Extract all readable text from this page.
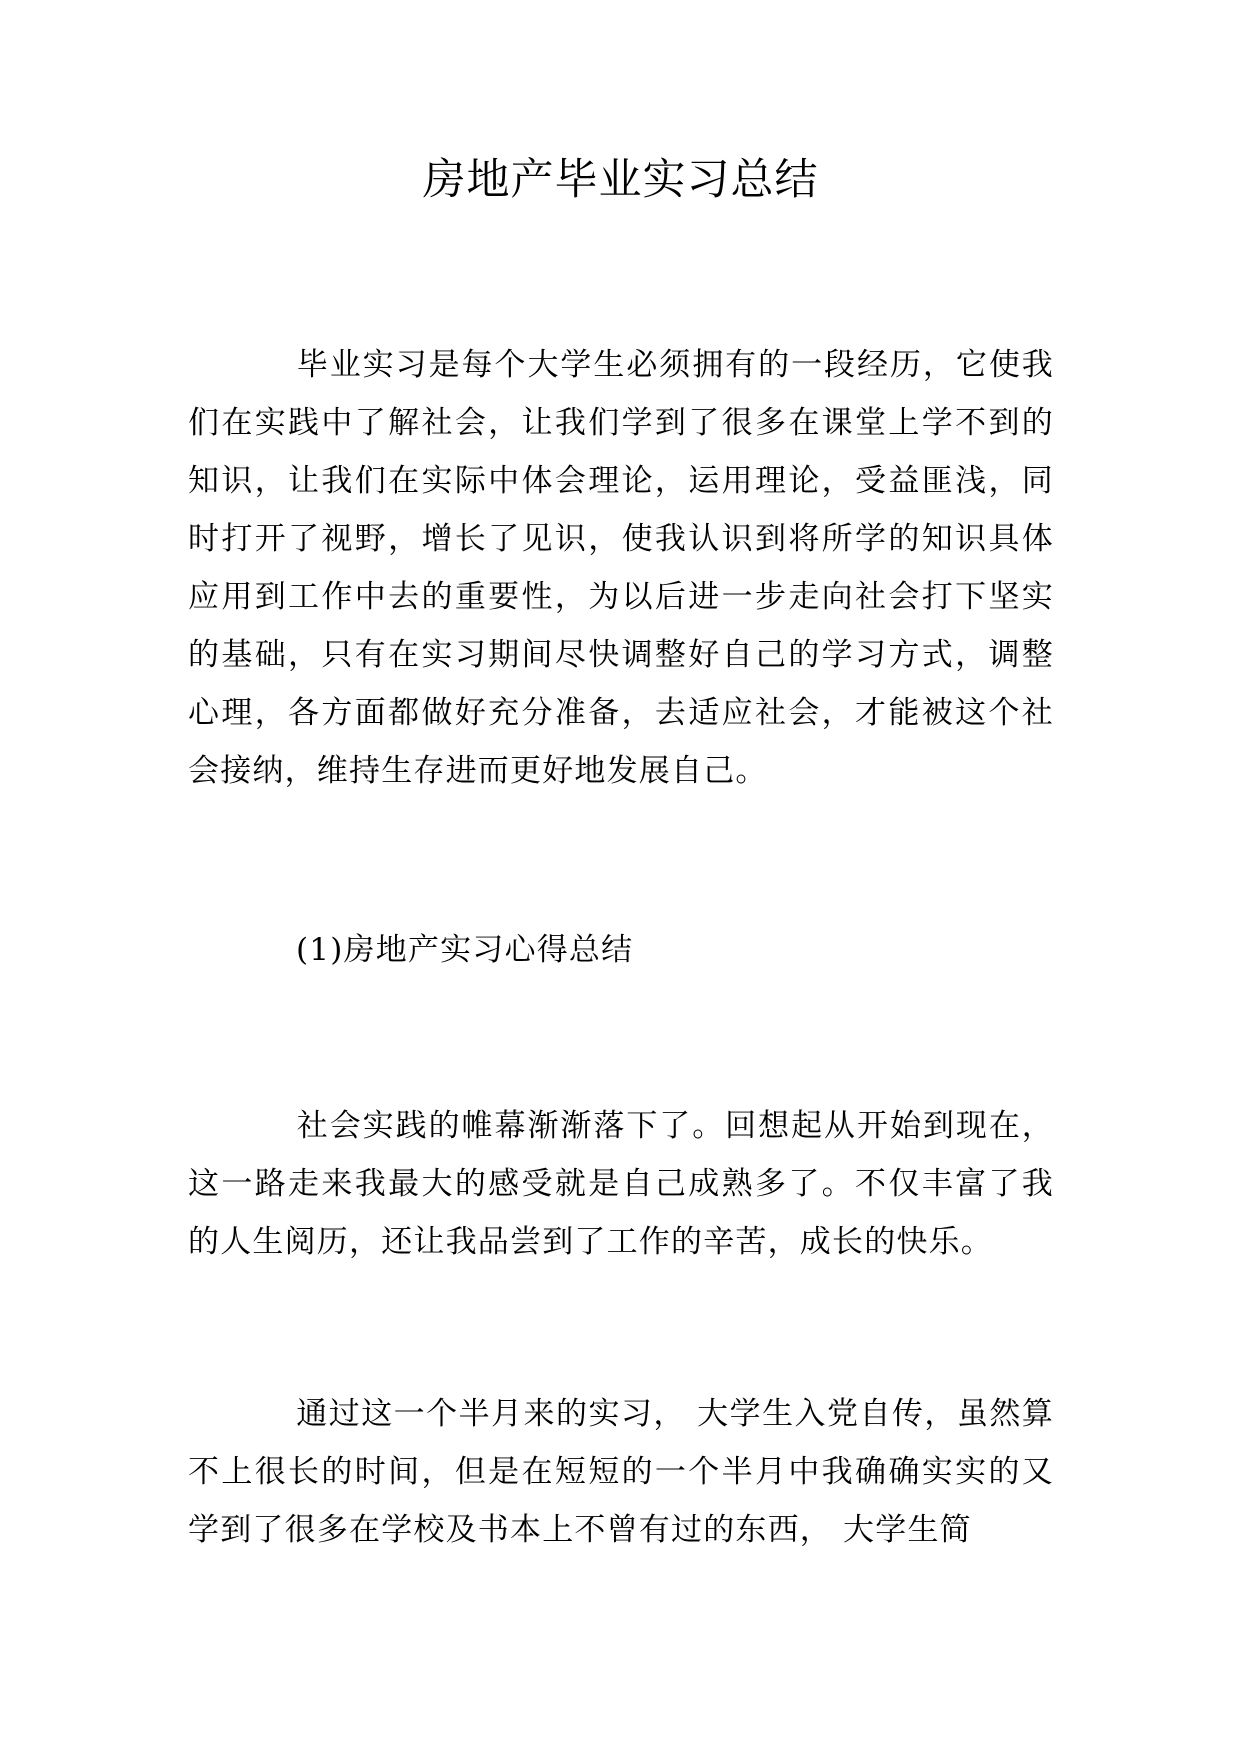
房地产毕业实习总结

毕业实习是每个大学生必须拥有的一段经历，它使我们在实践中了解社会，让我们学到了很多在课堂上学不到的知识，让我们在实际中体会理论，运用理论，受益匪浅，同时打开了视野，增长了见识，使我认识到将所学的知识具体应用到工作中去的重要性，为以后进一步走向社会打下坚实的基础，只有在实习期间尽快调整好自己的学习方式，调整心理，各方面都做好充分准备，去适应社会，才能被这个社会接纳，维持生存进而更好地发展自己。

(1)房地产实习心得总结

社会实践的帷幕渐渐落下了。回想起从开始到现在，这一路走来我最大的感受就是自己成熟多了。不仅丰富了我的人生阅历，还让我品尝到了工作的辛苦，成长的快乐。

通过这一个半月来的实习， 大学生入党自传，虽然算不上很长的时间，但是在短短的一个半月中我确确实实的又学到了很多在学校及书本上不曾有过的东西， 大学生简
